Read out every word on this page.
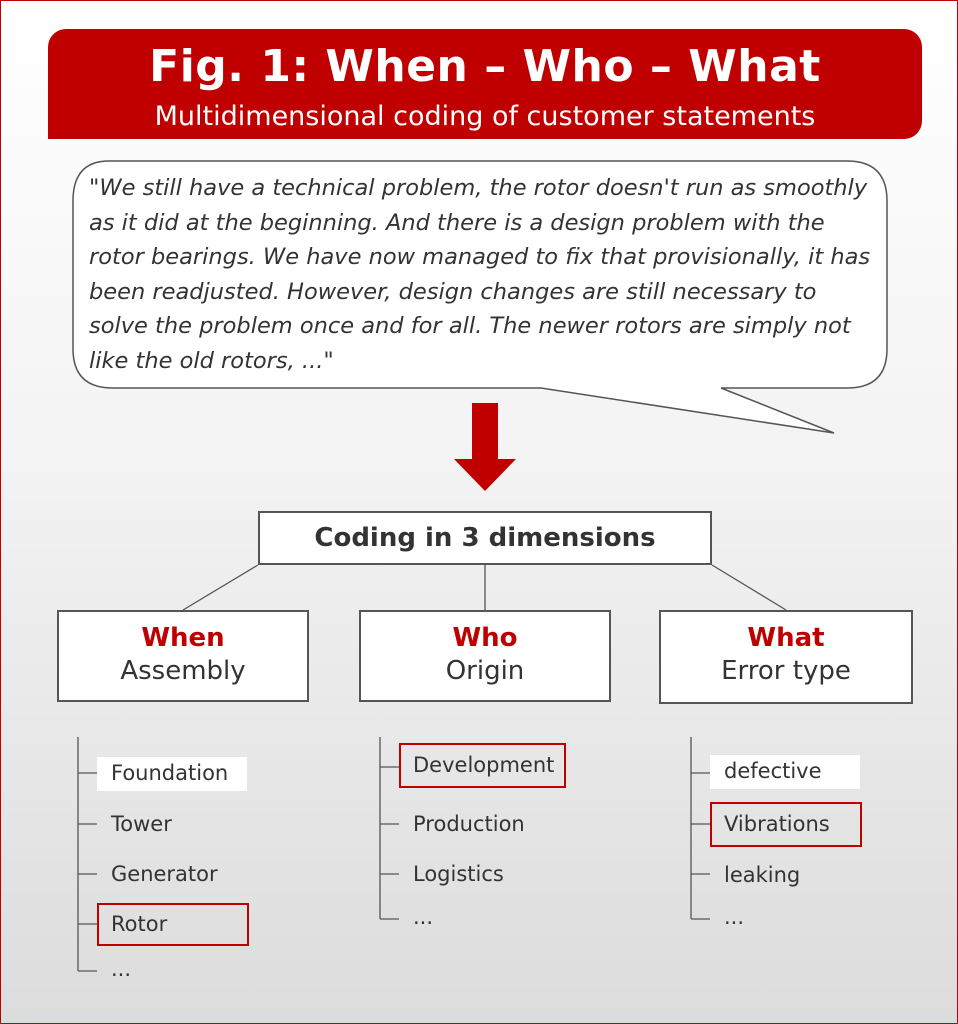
Fig. 1: When – Who – What
Multidimensional coding of customer statements
"We still have a technical problem, the rotor doesn't run as smoothly as it did at the beginning. And there is a design problem with the rotor bearings. We have now managed to fix that provisionally, it has been readjusted. However, design changes are still necessary to solve the problem once and for all. The newer rotors are simply not like the old rotors, ..."
Coding in 3 dimensions
When
Assembly
Who
Origin
What
Error type
Foundation
Tower
Generator
Rotor
...
Development
Production
Logistics
...
defective
Vibrations
leaking
...
